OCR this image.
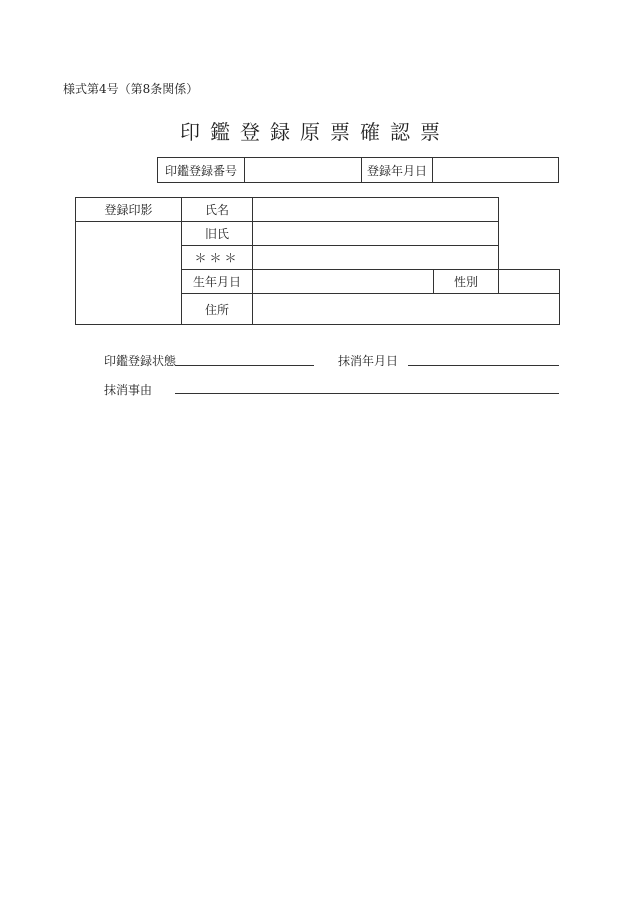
様式第4号（第8条関係）
印鑑登録原票確認票
印鑑登録番号		登録年月日	
登録印影	氏名			
	旧氏			
	＊＊＊			
	生年月日		性別	
	住所			
印鑑登録状態	抹消年月日
抹消事由
